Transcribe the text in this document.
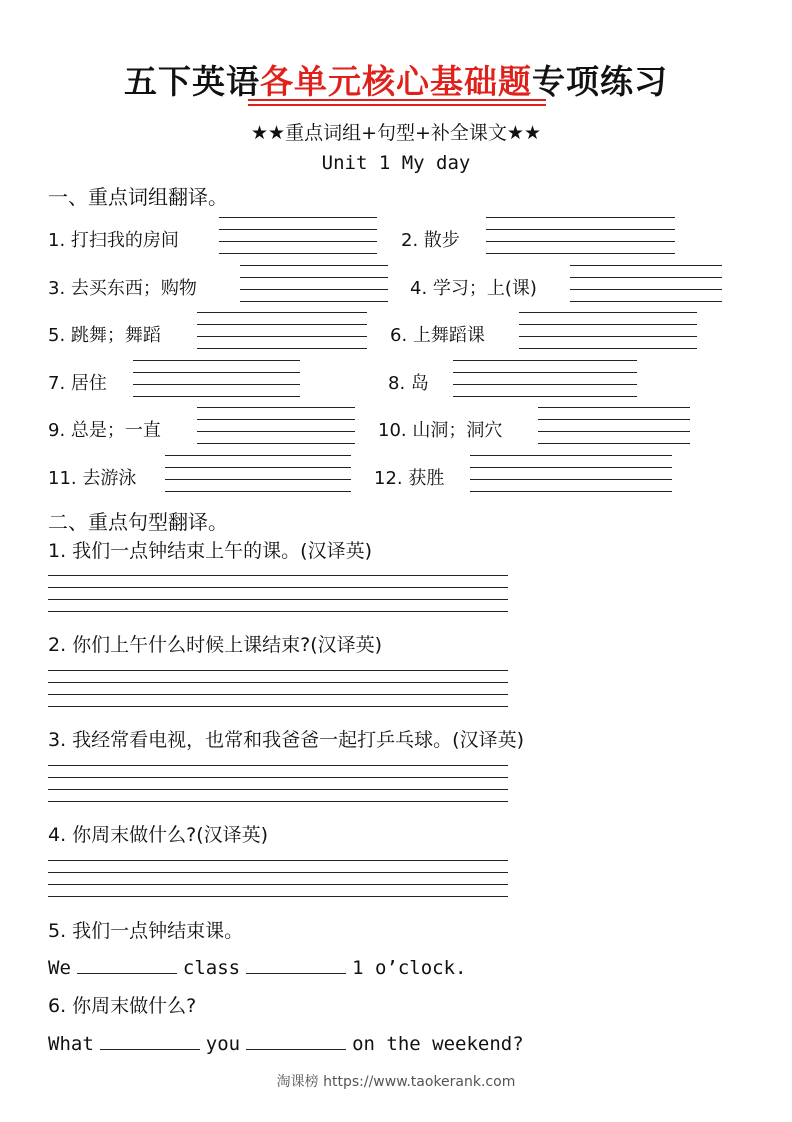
五下英语各单元核心基础题专项练习
★★重点词组+句型+补全课文★★
Unit 1 My day
一、重点词组翻译。
1. 打扫我的房间	2. 散步
3. 去买东西；购物	4. 学习；上(课)
5. 跳舞；舞蹈	6. 上舞蹈课
7. 居住	8. 岛
9. 总是；一直	10. 山洞；洞穴
11. 去游泳	12. 获胜
二、重点句型翻译。
1. 我们一点钟结束上午的课。(汉译英)
2. 你们上午什么时候上课结束?(汉译英)
3. 我经常看电视，也常和我爸爸一起打乒乓球。(汉译英)
4. 你周末做什么?(汉译英)
5. 我们一点钟结束课。
We	class	1 o’clock.
6. 你周末做什么?
What	you	on the weekend?
淘课榜 https://www.taokerank.com
